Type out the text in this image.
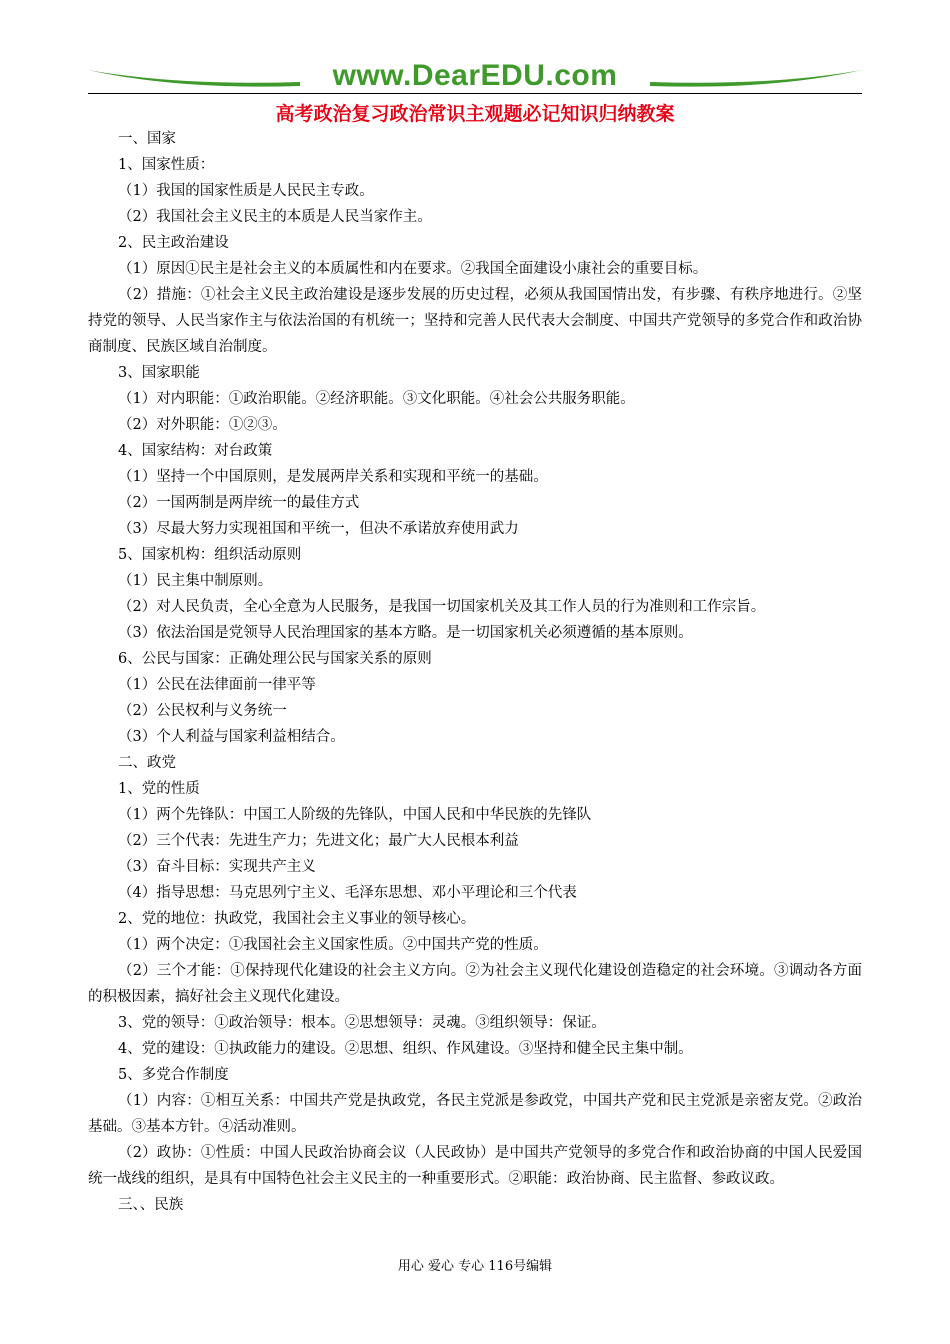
www.DearEDU.com
高考政治复习政治常识主观题必记知识归纳教案
一、国家
1、国家性质：
（1）我国的国家性质是人民民主专政。
（2）我国社会主义民主的本质是人民当家作主。
2、民主政治建设
（1）原因①民主是社会主义的本质属性和内在要求。②我国全面建设小康社会的重要目标。
（2）措施：①社会主义民主政治建设是逐步发展的历史过程，必须从我国国情出发，有步骤、有秩序地进行。②坚持党的领导、人民当家作主与依法治国的有机统一；坚持和完善人民代表大会制度、中国共产党领导的多党合作和政治协商制度、民族区域自治制度。
3、国家职能
（1）对内职能：①政治职能。②经济职能。③文化职能。④社会公共服务职能。
（2）对外职能：①②③。
4、国家结构：对台政策
（1）坚持一个中国原则，是发展两岸关系和实现和平统一的基础。
（2）一国两制是两岸统一的最佳方式
（3）尽最大努力实现祖国和平统一，但决不承诺放弃使用武力
5、国家机构：组织活动原则
（1）民主集中制原则。
（2）对人民负责，全心全意为人民服务，是我国一切国家机关及其工作人员的行为准则和工作宗旨。
（3）依法治国是党领导人民治理国家的基本方略。是一切国家机关必须遵循的基本原则。
6、公民与国家：正确处理公民与国家关系的原则
（1）公民在法律面前一律平等
（2）公民权利与义务统一
（3）个人利益与国家利益相结合。
二、政党
1、党的性质
（1）两个先锋队：中国工人阶级的先锋队，中国人民和中华民族的先锋队
（2）三个代表：先进生产力；先进文化；最广大人民根本利益
（3）奋斗目标：实现共产主义
（4）指导思想：马克思列宁主义、毛泽东思想、邓小平理论和三个代表
2、党的地位：执政党，我国社会主义事业的领导核心。
（1）两个决定：①我国社会主义国家性质。②中国共产党的性质。
（2）三个才能：①保持现代化建设的社会主义方向。②为社会主义现代化建设创造稳定的社会环境。③调动各方面的积极因素，搞好社会主义现代化建设。
3、党的领导：①政治领导：根本。②思想领导：灵魂。③组织领导：保证。
4、党的建设：①执政能力的建设。②思想、组织、作风建设。③坚持和健全民主集中制。
5、多党合作制度
（1）内容：①相互关系：中国共产党是执政党，各民主党派是参政党，中国共产党和民主党派是亲密友党。②政治基础。③基本方针。④活动准则。
（2）政协：①性质：中国人民政治协商会议（人民政协）是中国共产党领导的多党合作和政治协商的中国人民爱国统一战线的组织，是具有中国特色社会主义民主的一种重要形式。②职能：政治协商、民主监督、参政议政。
三、、民族
用心 爱心 专心 116号编辑
